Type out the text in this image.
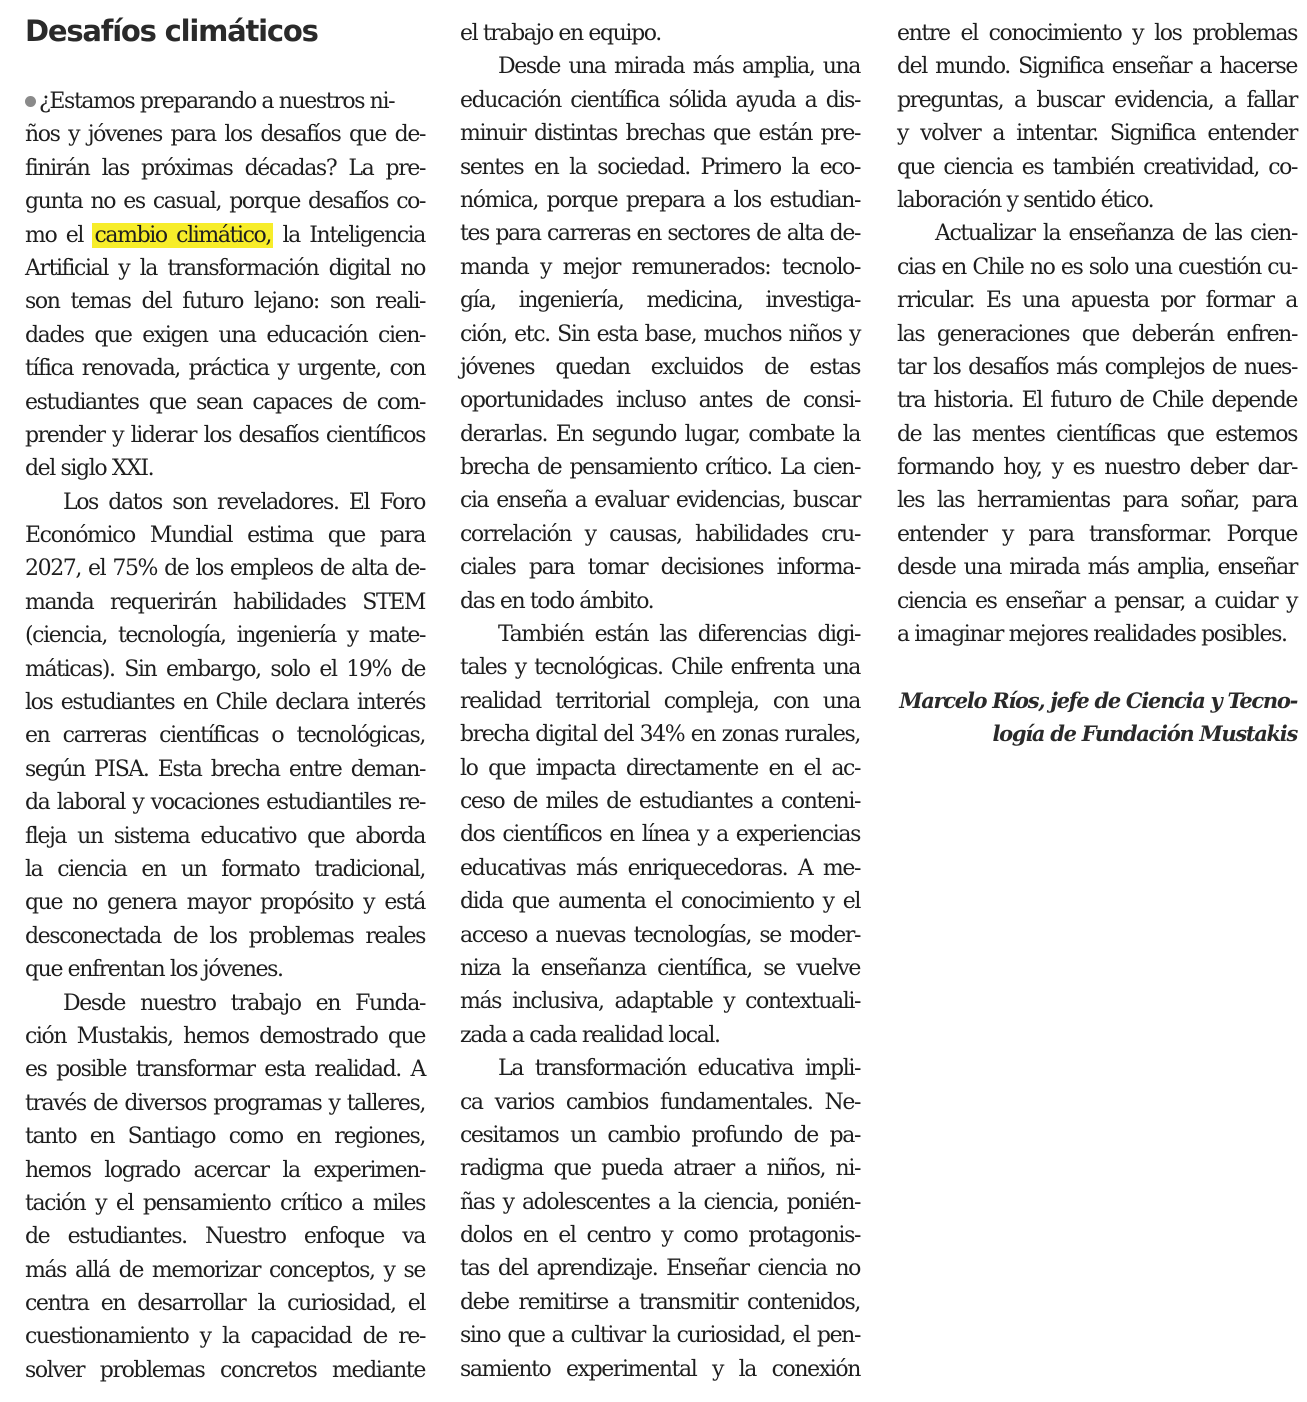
Desafíos climáticos
¿Estamos preparando a nuestros ni-
ños y jóvenes para los desafíos que de-
finirán las próximas décadas? La pre-
gunta no es casual, porque desafíos co-
mo el cambio climático, la Inteligencia
Artificial y la transformación digital no
son temas del futuro lejano: son reali-
dades que exigen una educación cien-
tífica renovada, práctica y urgente, con
estudiantes que sean capaces de com-
prender y liderar los desafíos científicos
del siglo XXI.
Los datos son reveladores. El Foro
Económico Mundial estima que para
2027, el 75% de los empleos de alta de-
manda requerirán habilidades STEM
(ciencia, tecnología, ingeniería y mate-
máticas). Sin embargo, solo el 19% de
los estudiantes en Chile declara interés
en carreras científicas o tecnológicas,
según PISA. Esta brecha entre deman-
da laboral y vocaciones estudiantiles re-
fleja un sistema educativo que aborda
la ciencia en un formato tradicional,
que no genera mayor propósito y está
desconectada de los problemas reales
que enfrentan los jóvenes.
Desde nuestro trabajo en Funda-
ción Mustakis, hemos demostrado que
es posible transformar esta realidad. A
través de diversos programas y talleres,
tanto en Santiago como en regiones,
hemos logrado acercar la experimen-
tación y el pensamiento crítico a miles
de estudiantes. Nuestro enfoque va
más allá de memorizar conceptos, y se
centra en desarrollar la curiosidad, el
cuestionamiento y la capacidad de re-
solver problemas concretos mediante
el trabajo en equipo.
Desde una mirada más amplia, una
educación científica sólida ayuda a dis-
minuir distintas brechas que están pre-
sentes en la sociedad. Primero la eco-
nómica, porque prepara a los estudian-
tes para carreras en sectores de alta de-
manda y mejor remunerados: tecnolo-
gía, ingeniería, medicina, investiga-
ción, etc. Sin esta base, muchos niños y
jóvenes quedan excluidos de estas
oportunidades incluso antes de consi-
derarlas. En segundo lugar, combate la
brecha de pensamiento crítico. La cien-
cia enseña a evaluar evidencias, buscar
correlación y causas, habilidades cru-
ciales para tomar decisiones informa-
das en todo ámbito.
También están las diferencias digi-
tales y tecnológicas. Chile enfrenta una
realidad territorial compleja, con una
brecha digital del 34% en zonas rurales,
lo que impacta directamente en el ac-
ceso de miles de estudiantes a conteni-
dos científicos en línea y a experiencias
educativas más enriquecedoras. A me-
dida que aumenta el conocimiento y el
acceso a nuevas tecnologías, se moder-
niza la enseñanza científica, se vuelve
más inclusiva, adaptable y contextuali-
zada a cada realidad local.
La transformación educativa impli-
ca varios cambios fundamentales. Ne-
cesitamos un cambio profundo de pa-
radigma que pueda atraer a niños, ni-
ñas y adolescentes a la ciencia, ponién-
dolos en el centro y como protagonis-
tas del aprendizaje. Enseñar ciencia no
debe remitirse a transmitir contenidos,
sino que a cultivar la curiosidad, el pen-
samiento experimental y la conexión
entre el conocimiento y los problemas
del mundo. Significa enseñar a hacerse
preguntas, a buscar evidencia, a fallar
y volver a intentar. Significa entender
que ciencia es también creatividad, co-
laboración y sentido ético.
Actualizar la enseñanza de las cien-
cias en Chile no es solo una cuestión cu-
rricular. Es una apuesta por formar a
las generaciones que deberán enfren-
tar los desafíos más complejos de nues-
tra historia. El futuro de Chile depende
de las mentes científicas que estemos
formando hoy, y es nuestro deber dar-
les las herramientas para soñar, para
entender y para transformar. Porque
desde una mirada más amplia, enseñar
ciencia es enseñar a pensar, a cuidar y
a imaginar mejores realidades posibles.
Marcelo Ríos, jefe de Ciencia y Tecno-
logía de Fundación Mustakis
